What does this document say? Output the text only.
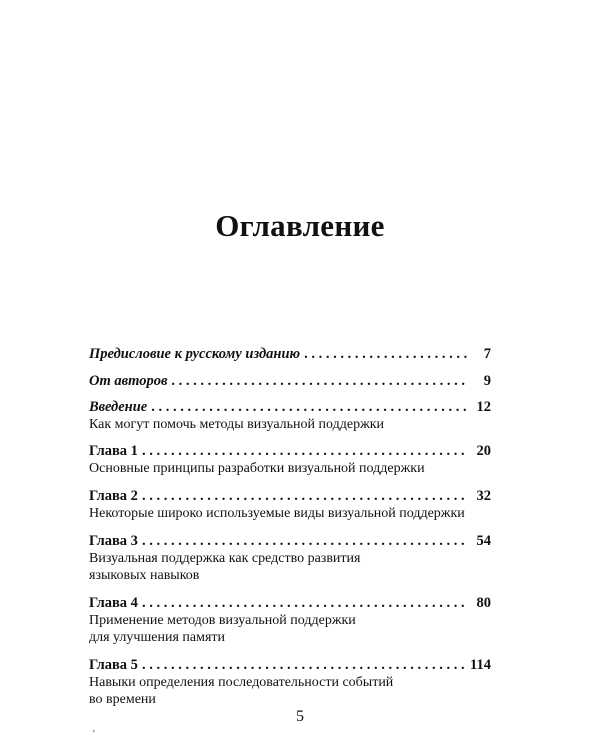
Оглавление
Предисловие к русскому изданию . . .	7
От авторов . . .	9
Введение . . .	12
Как могут помочь методы визуальной поддержки
Глава 1 . . .	20
Основные принципы разработки визуальной поддержки
Глава 2 . . .	32
Некоторые широко используемые виды визуальной поддержки
Глава 3 . . .	54
Визуальная поддержка как средство развития
языковых навыков
Глава 4 . . .	80
Применение методов визуальной поддержки
для улучшения памяти
Глава 5 . . .	114
Навыки определения последовательности событий
во времени
5
'
